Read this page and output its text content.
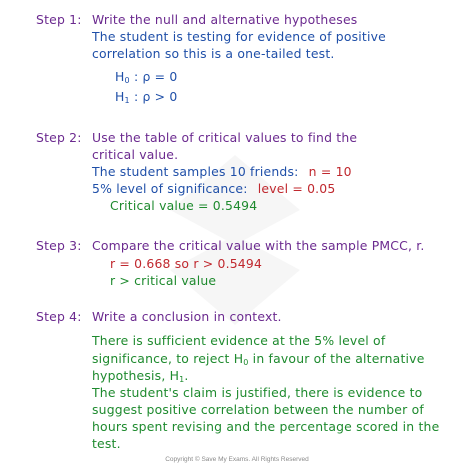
Step 1: Write the null and alternative hypotheses
The student is testing for evidence of positive
correlation so this is a one-tailed test.
H0 : ρ = 0
H1 : ρ > 0
Step 2: Use the table of critical values to find the
critical value.
The student samples 10 friends: n = 10
5% level of significance: level = 0.05
Critical value = 0.5494
Step 3: Compare the critical value with the sample PMCC, r.
r = 0.668 so r > 0.5494
r > critical value
Step 4: Write a conclusion in context.
There is sufficient evidence at the 5% level of
significance, to reject H0 in favour of the alternative
hypothesis, H1.
The student's claim is justified, there is evidence to
suggest positive correlation between the number of
hours spent revising and the percentage scored in the
test.
Copyright © Save My Exams. All Rights Reserved
